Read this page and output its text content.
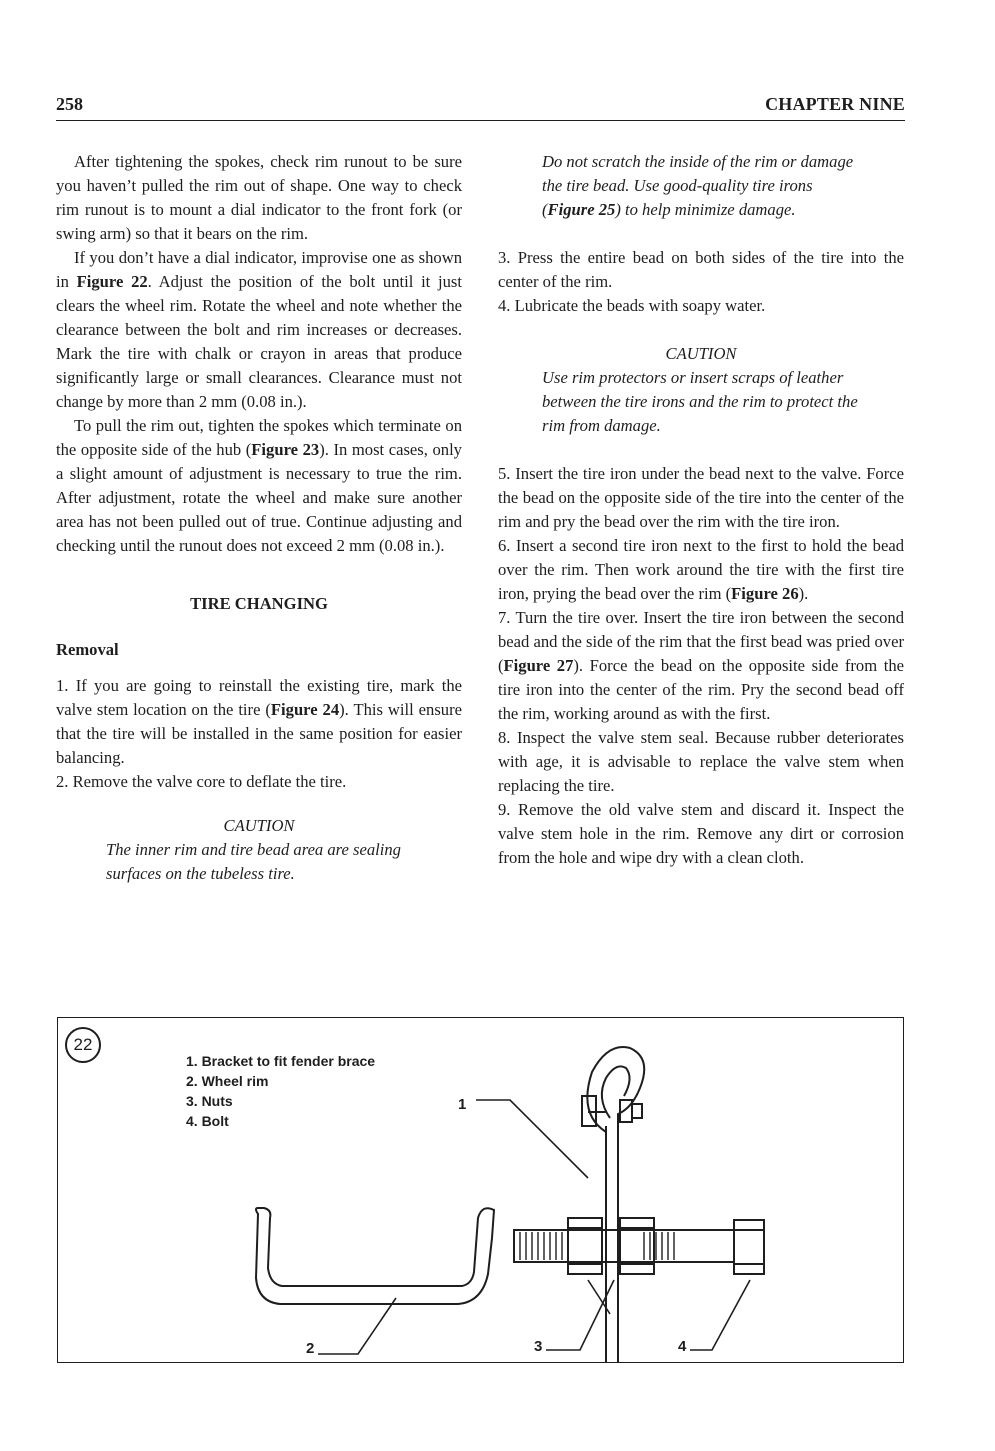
258	CHAPTER NINE

After tightening the spokes, check rim runout to be sure you haven’t pulled the rim out of shape. One way to check rim runout is to mount a dial indicator to the front fork (or swing arm) so that it bears on the rim.

If you don’t have a dial indicator, improvise one as shown in Figure 22. Adjust the position of the bolt until it just clears the wheel rim. Rotate the wheel and note whether the clearance between the bolt and rim increases or decreases. Mark the tire with chalk or crayon in areas that produce significantly large or small clearances. Clearance must not change by more than 2 mm (0.08 in.).

To pull the rim out, tighten the spokes which terminate on the opposite side of the hub (Figure 23). In most cases, only a slight amount of adjustment is necessary to true the rim. After adjustment, rotate the wheel and make sure another area has not been pulled out of true. Continue adjusting and checking until the runout does not exceed 2 mm (0.08 in.).

TIRE CHANGING
Removal

1. If you are going to reinstall the existing tire, mark the valve stem location on the tire (Figure 24). This will ensure that the tire will be installed in the same position for easier balancing.

2. Remove the valve core to deflate the tire.

CAUTION

The inner rim and tire bead area are sealing surfaces on the tubeless tire.

Do not scratch the inside of the rim or damage the tire bead. Use good-quality tire irons (Figure 25) to help minimize damage.

3. Press the entire bead on both sides of the tire into the center of the rim.

4. Lubricate the beads with soapy water.

CAUTION

Use rim protectors or insert scraps of leather between the tire irons and the rim to protect the rim from damage.

5. Insert the tire iron under the bead next to the valve. Force the bead on the opposite side of the tire into the center of the rim and pry the bead over the rim with the tire iron.

6. Insert a second tire iron next to the first to hold the bead over the rim. Then work around the tire with the first tire iron, prying the bead over the rim (Figure 26).

7. Turn the tire over. Insert the tire iron between the second bead and the side of the rim that the first bead was pried over (Figure 27). Force the bead on the opposite side from the tire iron into the center of the rim. Pry the second bead off the rim, working around as with the first.

8. Inspect the valve stem seal. Because rubber deteriorates with age, it is advisable to replace the valve stem when replacing the tire.

9. Remove the old valve stem and discard it. Inspect the valve stem hole in the rim. Remove any dirt or corrosion from the hole and wipe dry with a clean cloth.

22
1. Bracket to fit fender brace
2. Wheel rim
3. Nuts
4. Bolt
1
2	3	4
